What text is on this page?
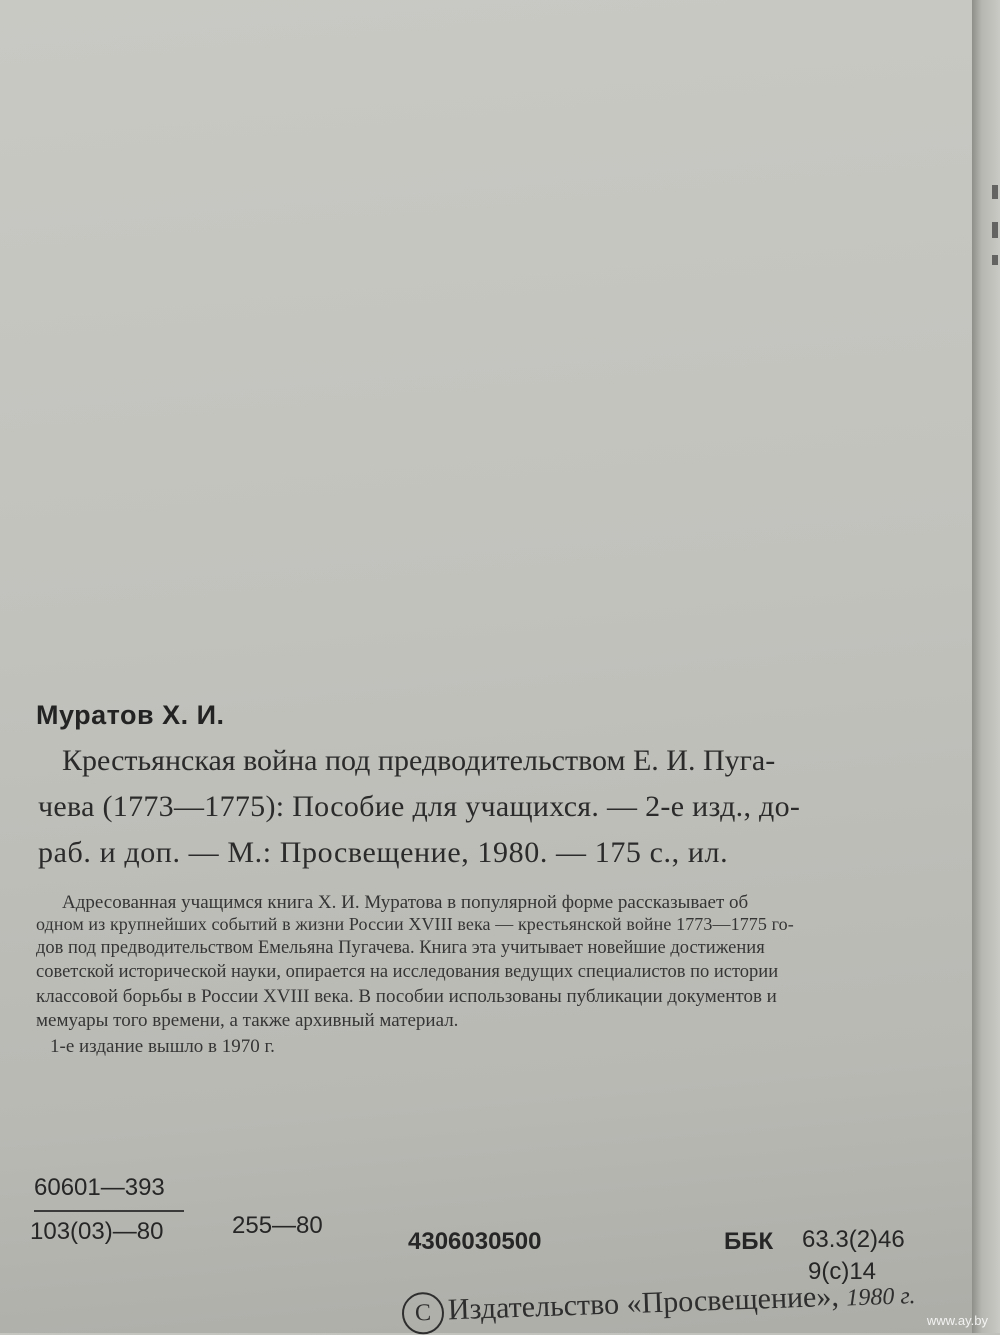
Муратов Х. И.
Крестьянская война под предводительством Е. И. Пуга-
чева (1773—1775): Пособие для учащихся. — 2-е изд., до-
раб. и доп. — М.: Просвещение, 1980. — 175 с., ил.
Адресованная учащимся книга Х. И. Муратова в популярной форме рассказывает об
одном из крупнейших событий в жизни России XVIII века — крестьянской войне 1773—1775 го-
дов под предводительством Емельяна Пугачева. Книга эта учитывает новейшие достижения
советской исторической науки, опирается на исследования ведущих специалистов по истории
классовой борьбы в России XVIII века. В пособии использованы публикации документов и
мемуары того времени, а также архивный материал.
1-е издание вышло в 1970 г.
60601—393
103(03)—80	255—80
4306030500	ББК 63.3(2)46
9(с)14
C Издательство «Просвещение», 1980 г.
www.ay.by
